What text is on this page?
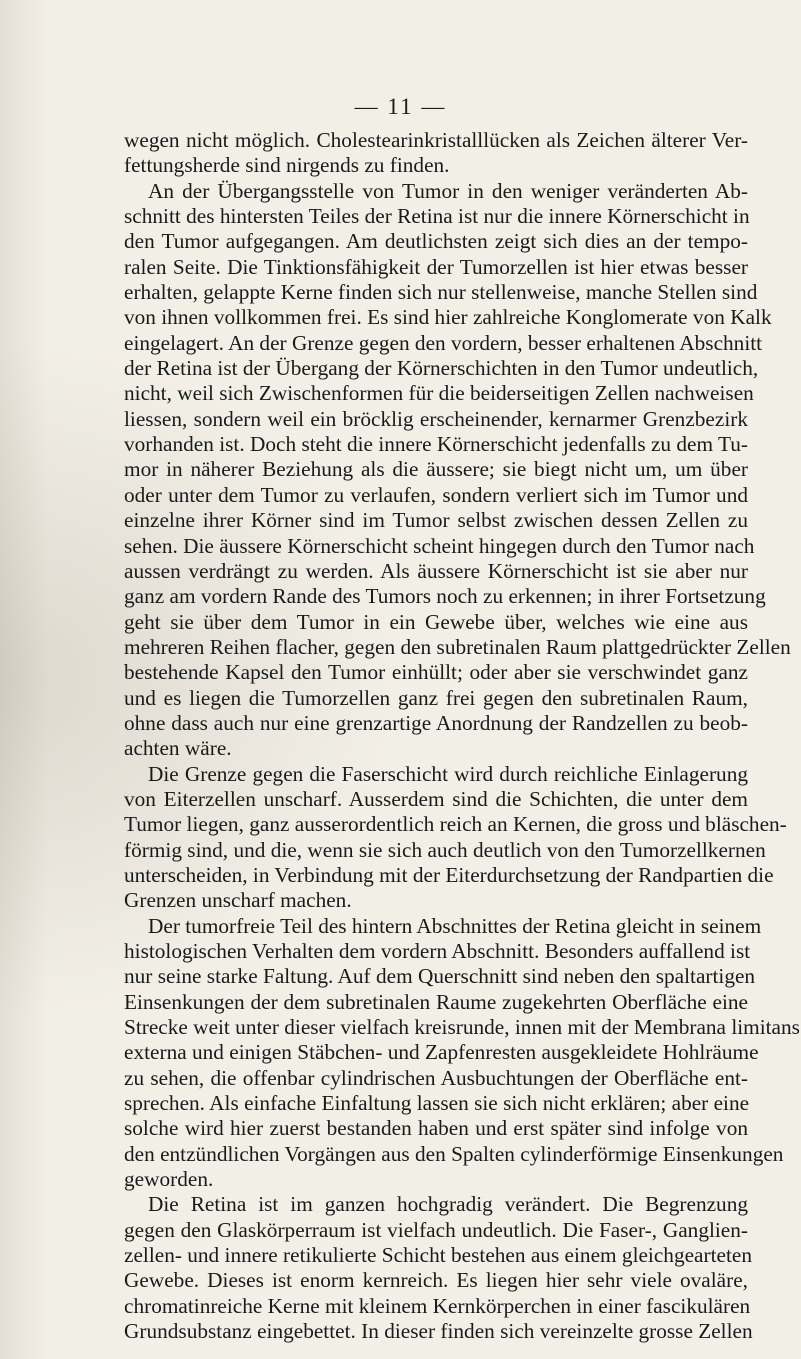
— 11 —
wegen nicht möglich. Cholestearinkristalllücken als Zeichen älterer Ver-
fettungsherde sind nirgends zu finden.
An der Übergangsstelle von Tumor in den weniger veränderten Ab-
schnitt des hintersten Teiles der Retina ist nur die innere Körnerschicht in
den Tumor aufgegangen. Am deutlichsten zeigt sich dies an der tempo-
ralen Seite. Die Tinktionsfähigkeit der Tumorzellen ist hier etwas besser
erhalten, gelappte Kerne finden sich nur stellenweise, manche Stellen sind
von ihnen vollkommen frei. Es sind hier zahlreiche Konglomerate von Kalk
eingelagert. An der Grenze gegen den vordern, besser erhaltenen Abschnitt
der Retina ist der Übergang der Körnerschichten in den Tumor undeutlich,
nicht, weil sich Zwischenformen für die beiderseitigen Zellen nachweisen
liessen, sondern weil ein bröcklig erscheinender, kernarmer Grenzbezirk
vorhanden ist. Doch steht die innere Körnerschicht jedenfalls zu dem Tu-
mor in näherer Beziehung als die äussere; sie biegt nicht um, um über
oder unter dem Tumor zu verlaufen, sondern verliert sich im Tumor und
einzelne ihrer Körner sind im Tumor selbst zwischen dessen Zellen zu
sehen. Die äussere Körnerschicht scheint hingegen durch den Tumor nach
aussen verdrängt zu werden. Als äussere Körnerschicht ist sie aber nur
ganz am vordern Rande des Tumors noch zu erkennen; in ihrer Fortsetzung
geht sie über dem Tumor in ein Gewebe über, welches wie eine aus
mehreren Reihen flacher, gegen den subretinalen Raum plattgedrückter Zellen
bestehende Kapsel den Tumor einhüllt; oder aber sie verschwindet ganz
und es liegen die Tumorzellen ganz frei gegen den subretinalen Raum,
ohne dass auch nur eine grenzartige Anordnung der Randzellen zu beob-
achten wäre.
Die Grenze gegen die Faserschicht wird durch reichliche Einlagerung
von Eiterzellen unscharf. Ausserdem sind die Schichten, die unter dem
Tumor liegen, ganz ausserordentlich reich an Kernen, die gross und bläschen-
förmig sind, und die, wenn sie sich auch deutlich von den Tumorzellkernen
unterscheiden, in Verbindung mit der Eiterdurchsetzung der Randpartien die
Grenzen unscharf machen.
Der tumorfreie Teil des hintern Abschnittes der Retina gleicht in seinem
histologischen Verhalten dem vordern Abschnitt. Besonders auffallend ist
nur seine starke Faltung. Auf dem Querschnitt sind neben den spaltartigen
Einsenkungen der dem subretinalen Raume zugekehrten Oberfläche eine
Strecke weit unter dieser vielfach kreisrunde, innen mit der Membrana limitans
externa und einigen Stäbchen- und Zapfenresten ausgekleidete Hohlräume
zu sehen, die offenbar cylindrischen Ausbuchtungen der Oberfläche ent-
sprechen. Als einfache Einfaltung lassen sie sich nicht erklären; aber eine
solche wird hier zuerst bestanden haben und erst später sind infolge von
den entzündlichen Vorgängen aus den Spalten cylinderförmige Einsenkungen
geworden.
Die Retina ist im ganzen hochgradig verändert. Die Begrenzung
gegen den Glaskörperraum ist vielfach undeutlich. Die Faser-, Ganglien-
zellen- und innere retikulierte Schicht bestehen aus einem gleichgearteten
Gewebe. Dieses ist enorm kernreich. Es liegen hier sehr viele ovaläre,
chromatinreiche Kerne mit kleinem Kernkörperchen in einer fascikulären
Grundsubstanz eingebettet. In dieser finden sich vereinzelte grosse Zellen
